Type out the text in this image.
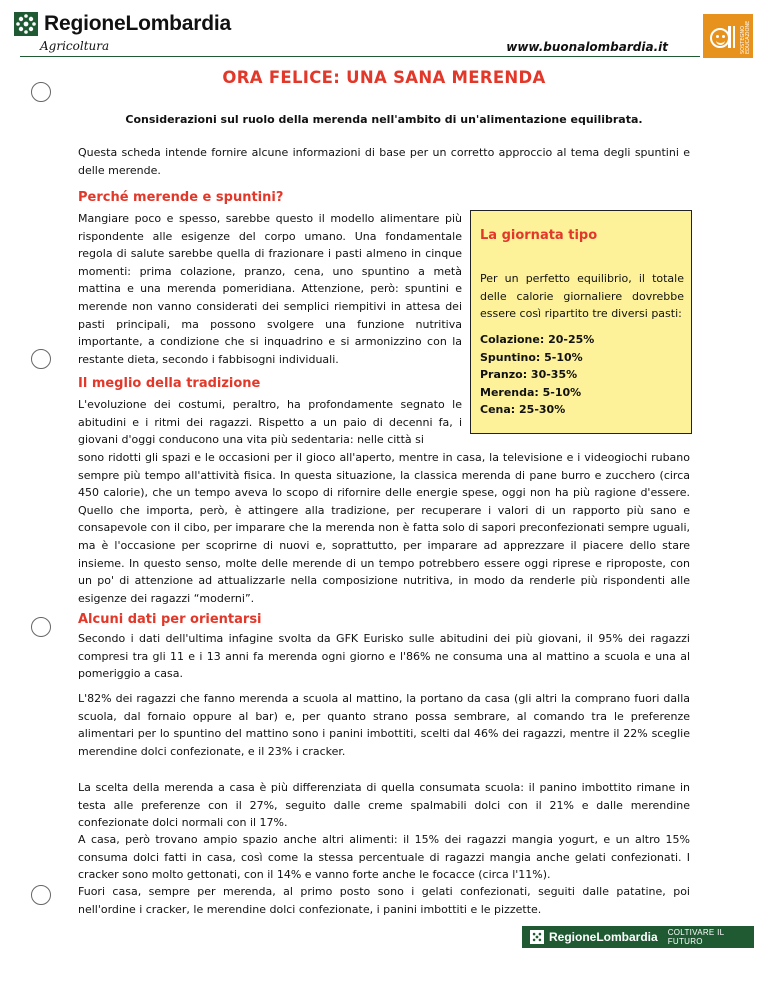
RegioneLombardia
Agricoltura	www.buonalombardia.it	SOSTEGNO EDUCAZIONE
ORA FELICE: UNA SANA MERENDA
Considerazioni sul ruolo della merenda nell'ambito di un'alimentazione equilibrata.

Questa scheda intende fornire alcune informazioni di base per un corretto approccio al tema degli spuntini e delle merende.

Perché merende e spuntini?

Mangiare poco e spesso, sarebbe questo il modello alimentare più rispondente alle esigenze del corpo umano. Una fondamentale regola di salute sarebbe quella di frazionare i pasti almeno in cinque momenti: prima colazione, pranzo, cena, uno spuntino a metà mattina e una merenda pomeridiana. Attenzione, però: spuntini e merende non vanno considerati dei semplici riempitivi in attesa dei pasti principali, ma possono svolgere una funzione nutritiva importante, a condizione che si inquadrino e si armonizzino con la restante dieta, secondo i fabbisogni individuali.

La giornata tipo

Per un perfetto equilibrio, il totale delle calorie giornaliere dovrebbe essere così ripartito tre diversi pasti:

Colazione: 20-25%
Spuntino: 5-10%
Pranzo: 30-35%
Merenda: 5-10%
Cena: 25-30%
Il meglio della tradizione

L'evoluzione dei costumi, peraltro, ha profondamente segnato le abitudini e i ritmi dei ragazzi. Rispetto a un paio di decenni fa, i giovani d'oggi conducono una vita più sedentaria: nelle città si

sono ridotti gli spazi e le occasioni per il gioco all'aperto, mentre in casa, la televisione e i videogiochi rubano sempre più tempo all'attività fisica. In questa situazione, la classica merenda di pane burro e zucchero (circa 450 calorie), che un tempo aveva lo scopo di rifornire delle energie spese, oggi non ha più ragione d'essere. Quello che importa, però, è attingere alla tradizione, per recuperare i valori di un rapporto più sano e consapevole con il cibo, per imparare che la merenda non è fatta solo di sapori preconfezionati sempre uguali, ma è l'occasione per scoprirne di nuovi e, soprattutto, per imparare ad apprezzare il piacere dello stare insieme. In questo senso, molte delle merende di un tempo potrebbero essere oggi riprese e riproposte, con un po' di attenzione ad attualizzarle nella composizione nutritiva, in modo da renderle più rispondenti alle esigenze dei ragazzi “moderni”.

Alcuni dati per orientarsi

Secondo i dati dell'ultima infagine svolta da GFK Eurisko sulle abitudini dei più giovani, il 95% dei ragazzi compresi tra gli 11 e i 13 anni fa merenda ogni giorno e l'86% ne consuma una al mattino a scuola e una al pomeriggio a casa.

L'82% dei ragazzi che fanno merenda a scuola al mattino, la portano da casa (gli altri la comprano fuori dalla scuola, dal fornaio oppure al bar) e, per quanto strano possa sembrare, al comando tra le preferenze alimentari per lo spuntino del mattino sono i panini imbottiti, scelti dal 46% dei ragazzi, mentre il 22% sceglie merendine dolci confezionate, e il 23% i cracker.

La scelta della merenda a casa è più differenziata di quella consumata scuola: il panino imbottito rimane in testa alle preferenze con il 27%, seguito dalle creme spalmabili dolci con il 21% e dalle merendine confezionate dolci normali con il 17%.

A casa, però trovano ampio spazio anche altri alimenti: il 15% dei ragazzi mangia yogurt, e un altro 15% consuma dolci fatti in casa, così come la stessa percentuale di ragazzi mangia anche gelati confezionati. I cracker sono molto gettonati, con il 14% e vanno forte anche le focacce (circa l'11%).

Fuori casa, sempre per merenda, al primo posto sono i gelati confezionati, seguiti dalle patatine, poi nell'ordine i cracker, le merendine dolci confezionate, i panini imbottiti e le pizzette.

RegioneLombardia COLTIVARE IL FUTURO
